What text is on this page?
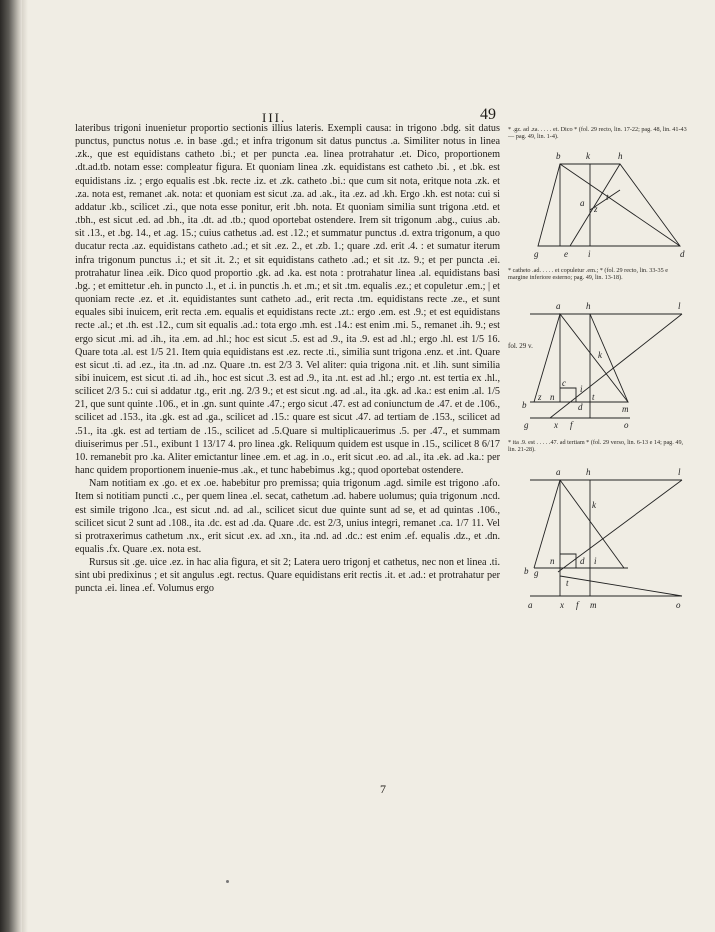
III.	49

lateribus trigoni inuenietur proportio sectionis illius lateris. Exempli causa: in trigono .bdg. sit datus punctus, punctus notus .e. in base .gd.; et infra trigonum sit datus punctus .a. Similiter notus in linea .zk., que est equidistans catheto .bi.; et per puncta .ea. linea protrahatur .et. Dico, proportionem .dt.ad.tb. notam esse: compleatur figura. Et quoniam linea .zk. equidistans est catheto .bi. , et .bk. est equidistans .iz. ; ergo equalis est .bk. recte .iz. et .zk. catheto .bi.: que cum sit nota, eritque nota .zk. et .za. nota est, remanet .ak. nota: et quoniam est sicut .za. ad .ak., ita .ez. ad .kh. Ergo .kh. est nota: cui si addatur .kb., scilicet .zi., que nota esse ponitur, erit .bh. nota. Et quoniam similia sunt trigona .etd. et .tbh., est sicut .ed. ad .bh., ita .dt. ad .tb.; quod oportebat ostendere. Irem sit trigonum .abg., cuius .ab. sit .13., et .bg. 14., et .ag. 15.; cuius cathetus .ad. est .12.; et summatur punctus .d. extra trigonum, a quo ducatur recta .az. equidistans catheto .ad.; et sit .ez. 2., et .zb. 1.; quare .zd. erit .4. : et sumatur iterum infra trigonum punctus .i.; et sit .it. 2.; et sit equidistans catheto .ad.; et sit .tz. 9.; et per puncta .ei. protrahatur linea .eik. Dico quod proportio .gk. ad .ka. est nota : protrahatur linea .al. equidistans basi .bg. ; et emittetur .eh. in puncto .l., et .i. in punctis .h. et .m.; et sit .tm. equalis .ez.; et copuletur .em.; | et quoniam recte .ez. et .it. equidistantes sunt catheto .ad., erit recta .tm. equidistans recte .ze., et sunt equales sibi inuicem, erit recta .em. equalis et equidistans recte .zt.: ergo .em. est .9.; et est equidistans recte .al.; et .th. est .12., cum sit equalis .ad.: tota ergo .mh. est .14.: est enim .mi. 5., remanet .ih. 9.; est ergo sicut .mi. ad .ih., ita .em. ad .hl.; hoc est sicut .5. est ad .9., ita .9. est ad .hl.; ergo .hl. est 1/5 16. Quare tota .al. est 1/5 21. Item quia equidistans est .ez. recte .ti., similia sunt trigona .enz. et .int. Quare est sicut .ti. ad .ez., ita .tn. ad .nz. Quare .tn. est 2/3 3. Vel aliter: quia trigona .nit. et .lih. sunt similia sibi inuicem, est sicut .ti. ad .ih., hoc est sicut .3. est ad .9., ita .nt. est ad .hl.; ergo .nt. est tertia ex .hl., scilicet 2/3 5.: cui si addatur .tg., erit .ng. 2/3 9.; et est sicut .ng. ad .al., ita .gk. ad .ka.: est enim .al. 1/5 21, que sunt quinte .106., et in .gn. sunt quinte .47.; ergo sicut .47. est ad coniunctum de .47. et de .106., scilicet ad .153., ita .gk. est ad .ga., scilicet ad .15.: quare est sicut .47. ad tertiam de .153., scilicet ad .51., ita .gk. est ad tertiam de .15., scilicet ad .5.Quare si multiplicauerimus .5. per .47., et summam diuiserimus per .51., exibunt 1 13/17 4. pro linea .gk. Reliquum quidem est usque in .15., scilicet 8 6/17 10. remanebit pro .ka. Aliter emictantur linee .em. et .ag. in .o., erit sicut .eo. ad .al., ita .ek. ad .ka.: per hanc quidem proportionem inuenie-mus .ak., et tunc habebimus .kg.; quod oportebat ostendere.

Nam notitiam ex .go. et ex .oe. habebitur pro premissa; quia trigonum .agd. simile est trigono .afo. Item si notitiam puncti .c., per quem linea .el. secat, cathetum .ad. habere uolumus; quia trigonum .ncd. est simile trigono .lca., est sicut .nd. ad .al., scilicet sicut due quinte sunt ad se, et ad quintas .106., scilicet sicut 2 sunt ad .108., ita .dc. est ad .da. Quare .dc. est 2/3, unius integri, remanet .ca. 1/7 11. Vel si protraxerimus cathetum .nx., erit sicut .ex. ad .xn., ita .nd. ad .dc.: est enim .ef. equalis .dz., et .dn. equalis .fx. Quare .ex. nota est.

Rursus sit .ge. uice .ez. in hac alia figura, et sit 2; Latera uero trigonj et cathetus, nec non et linea .ti. sint ubi predixinus ; et sit angulus .egt. rectus. Quare equidistans erit rectis .it. et .ad.: et protrahatur per puncta .ei. linea .ef. Volumus ergo

7
* .gz. ad .za. . . . . et. Dico * (fol. 29 recto, lin. 17-22; pag. 48, lin. 41-43 — pag. 49, lin. 1-4).
* catheto .ad. . . . . et copuletur .em.; * (fol. 29 recto, lin. 33-35 e margine inferiore esterno; pag. 49, lin. 13-18).
* ita .9. est . . . . .47. ad tertiam * (fol. 29 verso, lin. 6-13 e 14; pag. 49, lin. 21-28).
fol. 29 v.
b	k	h
z
t
a
g	e i	d
a	h	l
k
b
z n
i
d
c
t
m
x f
g	o
a	h	l
k
b g
n	d
t
i
a	x f m	o
